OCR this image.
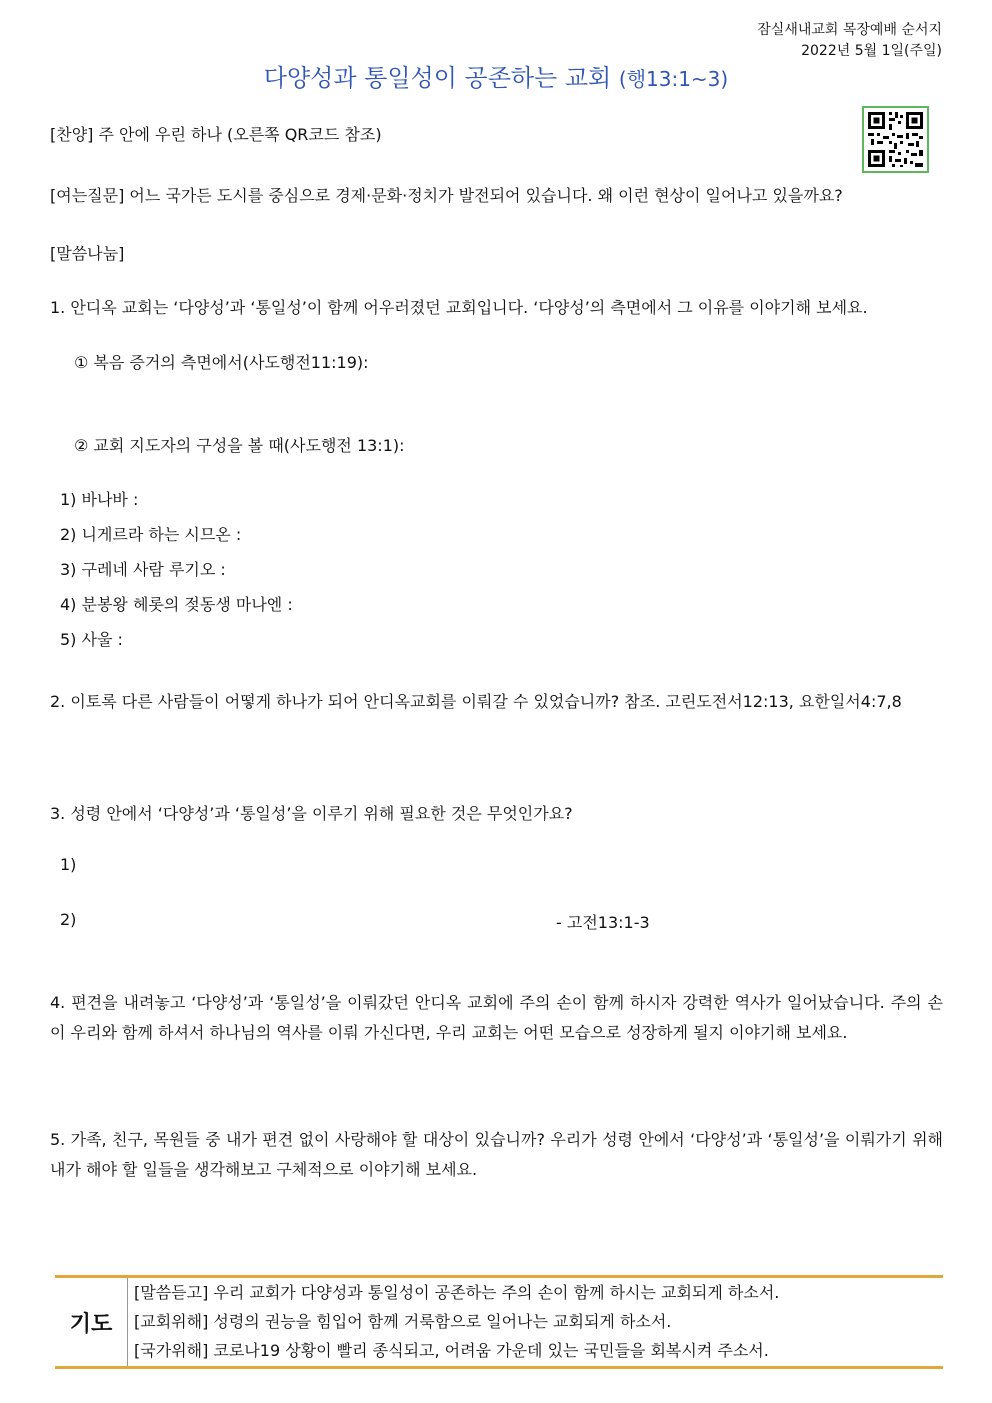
잠실새내교회 목장예배 순서지
2022년 5월 1일(주일)
다양성과 통일성이 공존하는 교회 (행13:1~3)
[찬양] 주 안에 우린 하나 (오른쪽 QR코드 참조)
[여는질문] 어느 국가든 도시를 중심으로 경제·문화·정치가 발전되어 있습니다. 왜 이런 현상이 일어나고 있을까요?
[말씀나눔]
1. 안디옥 교회는 ‘다양성’과 ‘통일성’이 함께 어우러졌던 교회입니다. ‘다양성’의 측면에서 그 이유를 이야기해 보세요.
① 복음 증거의 측면에서(사도행전11:19):
② 교회 지도자의 구성을 볼 때(사도행전 13:1):
1) 바나바 :
2) 니게르라 하는 시므온 :
3) 구레네 사람 루기오 :
4) 분봉왕 헤롯의 젖동생 마나엔 :
5) 사울 :
2. 이토록 다른 사람들이 어떻게 하나가 되어 안디옥교회를 이뤄갈 수 있었습니까? 참조. 고린도전서12:13, 요한일서4:7,8
3. 성령 안에서 ‘다양성’과 ‘통일성’을 이루기 위해 필요한 것은 무엇인가요?
1)
2)	- 고전13:1-3
4. 편견을 내려놓고 ‘다양성’과 ‘통일성’을 이뤄갔던 안디옥 교회에 주의 손이 함께 하시자 강력한 역사가 일어났습니다. 주의 손이 우리와 함께 하셔서 하나님의 역사를 이뤄 가신다면, 우리 교회는 어떤 모습으로 성장하게 될지 이야기해 보세요.
5. 가족, 친구, 목원들 중 내가 편견 없이 사랑해야 할 대상이 있습니까? 우리가 성령 안에서 ‘다양성’과 ‘통일성’을 이뤄가기 위해 내가 해야 할 일들을 생각해보고 구체적으로 이야기해 보세요.
기도
[말씀듣고] 우리 교회가 다양성과 통일성이 공존하는 주의 손이 함께 하시는 교회되게 하소서.
[교회위해] 성령의 권능을 힘입어 함께 거룩함으로 일어나는 교회되게 하소서.
[국가위해] 코로나19 상황이 빨리 종식되고, 어려움 가운데 있는 국민들을 회복시켜 주소서.
